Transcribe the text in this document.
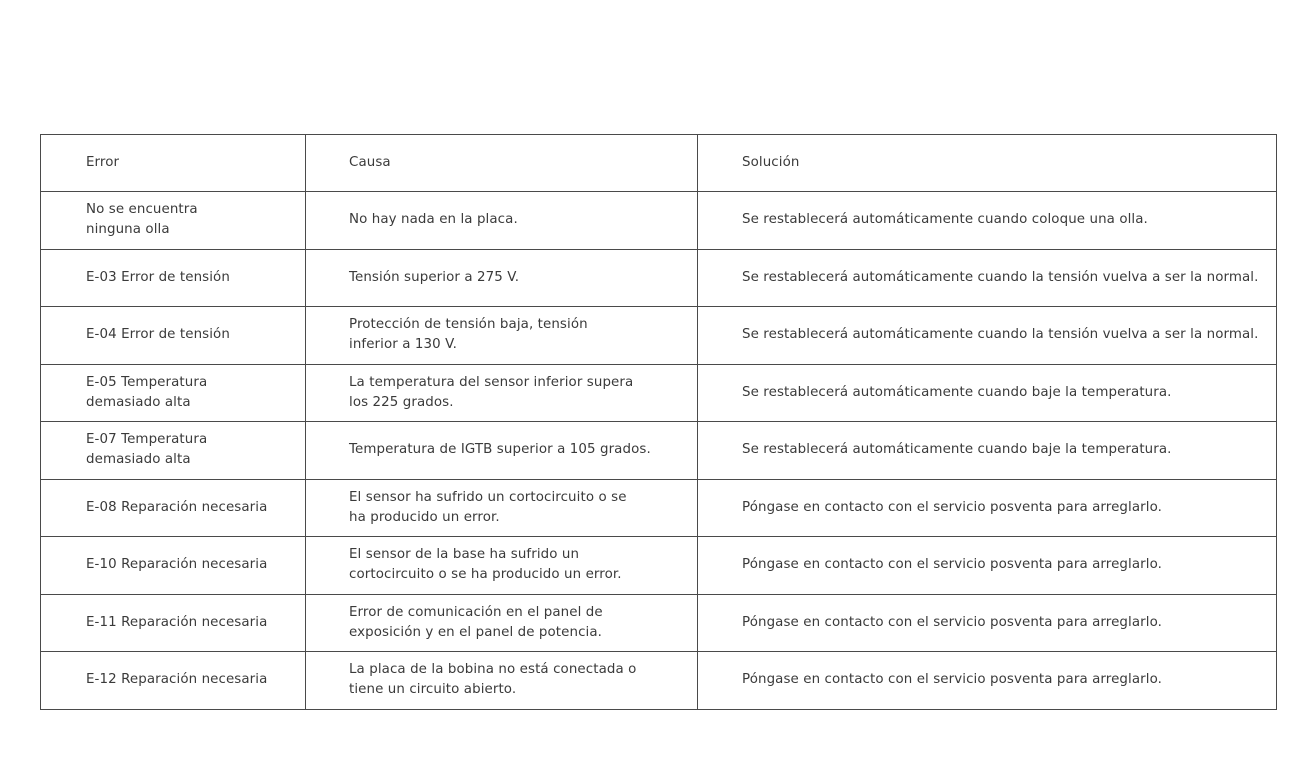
Error	Causa	Solución

No se encuentra ninguna olla	No hay nada en la placa.	Se restablecerá automáticamente cuando coloque una olla.

E-03 Error de tensión	Tensión superior a 275 V.	Se restablecerá automáticamente cuando la tensión vuelva a ser la normal.

E-04 Error de tensión	Protección de tensión baja, tensión inferior a 130 V.	Se restablecerá automáticamente cuando la tensión vuelva a ser la normal.

E-05 Temperatura demasiado alta	La temperatura del sensor inferior supera los 225 grados.	Se restablecerá automáticamente cuando baje la temperatura.

E-07 Temperatura demasiado alta	Temperatura de IGTB superior a 105 grados.	Se restablecerá automáticamente cuando baje la temperatura.

E-08 Reparación necesaria	El sensor ha sufrido un cortocircuito o se ha producido un error.	Póngase en contacto con el servicio posventa para arreglarlo.

E-10 Reparación necesaria	El sensor de la base ha sufrido un cortocircuito o se ha producido un error.	Póngase en contacto con el servicio posventa para arreglarlo.

E-11 Reparación necesaria	Error de comunicación en el panel de exposición y en el panel de potencia.	Póngase en contacto con el servicio posventa para arreglarlo.

E-12 Reparación necesaria	La placa de la bobina no está conectada o tiene un circuito abierto.	Póngase en contacto con el servicio posventa para arreglarlo.
